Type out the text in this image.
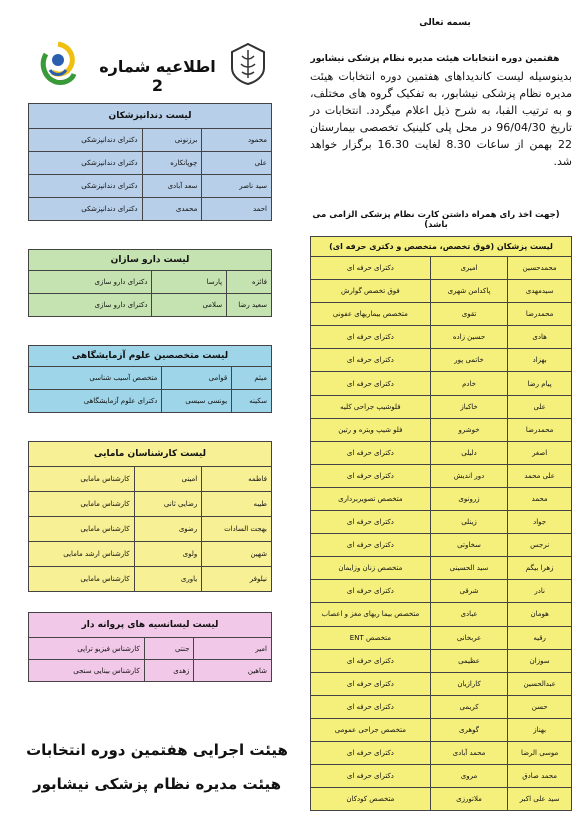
بسمه تعالی
هفتمین دوره انتخابات هیئت مدیره نظام پزشکی نیشابور
بدینوسیله لیست کاندیداهای هفتمین دوره انتخابات هیئت مدیره نظام پزشکی نیشابور، به تفکیک گروه های مختلف، و به ترتیب الفبا، به شرح ذیل اعلام میگردد. انتخابات در تاریخ 96/04/30 در محل پلی کلینیک تخصصی بیمارستان 22 بهمن از ساعات 8.30 لغایت 16.30 برگزار خواهد شد.
(جهت اخذ رای همراه داشتن کارت نظام پزشکی الزامی می باشد)
اطلاعیه شماره 2
لیست دندانپزشکان		
محمود	برزنونی	دکترای دندانپزشکی
علی	چوپانکاره	دکترای دندانپزشکی
سید ناصر	سعد آبادی	دکترای دندانپزشکی
احمد	محمدی	دکترای دندانپزشکی
لیست دارو سازان		
فائزه	پارسا	دکترای دارو سازی
سعید رضا	سلامی	دکترای دارو سازی
لیست متخصصین علوم آزمایشگاهی		
میثم	قوامی	متخصص آسیب شناسی
سکینه	یونسی سیسی	دکترای علوم آزمایشگاهی
لیست کارشناسان مامایی		
فاطمه	امینی	کارشناس مامایی
طیبه	رضایی ثانی	کارشناس مامایی
بهجت السادات	رضوی	کارشناس مامایی
شهین	ولوی	کارشناس ارشد مامایی
نیلوفر	یاوری	کارشناس مامایی
لیست لیسانسیه های پروانه دار		
امیر	جنتی	کارشناس فیزیو تراپی
شاهین	زهدی	کارشناس بینایی سنجی
لیست پزشکان (فوق تخصص، متخصص و دکتری حرفه ای)		
محمدحسین	امیری	دکترای حرفه ای
سیدمهدی	پاکدامن شهری	فوق تخصص گوارش
محمدرضا	تقوی	متخصص بیماریهای عفونی
هادی	حسین زاده	دکترای حرفه ای
بهزاد	خاتمی پور	دکترای حرفه ای
پیام رضا	خادم	دکترای حرفه ای
علی	خاکباز	فلوشیپ جراحی کلیه
محمدرضا	خوشرو	فلو شیپ ویتره و رتین
اصغر	دلیلی	دکترای حرفه ای
علی محمد	دور اندیش	دکترای حرفه ای
محمد	زرونوی	متخصص تصویربرداری
جواد	زینلی	دکترای حرفه ای
نرجس	سخاوتی	دکترای حرفه ای
زهرا بیگم	سید الحسینی	متخصص زنان وزایمان
نادر	شرقی	دکترای حرفه ای
هومان	عبادی	متخصص بیما ریهای مغز و اعصاب
رقیه	عربخانی	متخصص ENT
سوزان	عظیمی	دکترای حرفه ای
عبدالحسین	کارازیان	دکترای حرفه ای
حسن	کریمی	دکترای حرفه ای
بهناز	گوهری	متخصص جراحی عمومی
موسی الرضا	محمد آبادی	دکترای حرفه ای
محمد صادق	مروی	دکترای حرفه ای
سید علی اکبر	ملاتورزی	متخصص کودکان
هیئت اجرایی هفتمین دوره انتخابات
هیئت مدیره نظام پزشکی نیشابور
